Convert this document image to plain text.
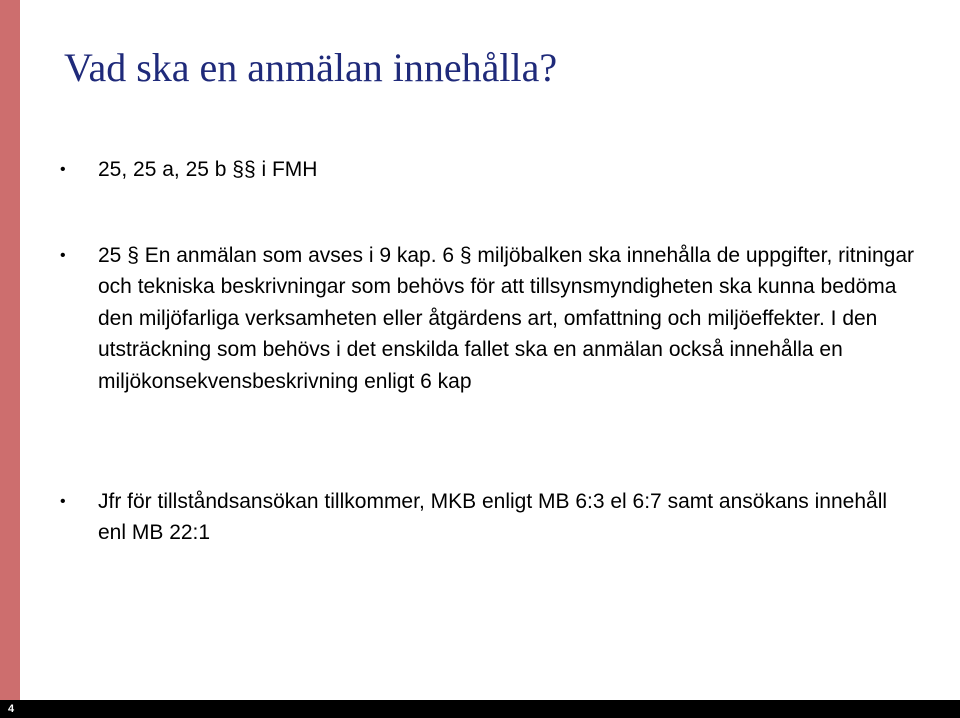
Vad ska en anmälan innehålla?
• 25, 25 a, 25 b §§ i FMH
• 25 § En anmälan som avses i 9 kap. 6 § miljöbalken ska innehålla de uppgifter, ritningar och tekniska beskrivningar som behövs för att tillsynsmyndigheten ska kunna bedöma den miljöfarliga verksamheten eller åtgärdens art, omfattning och miljöeffekter. I den utsträckning som behövs i det enskilda fallet ska en anmälan också innehålla en miljökonsekvensbeskrivning enligt 6 kap
• Jfr för tillståndsansökan tillkommer, MKB enligt MB 6:3 el 6:7 samt ansökans innehåll enl MB 22:1
4
